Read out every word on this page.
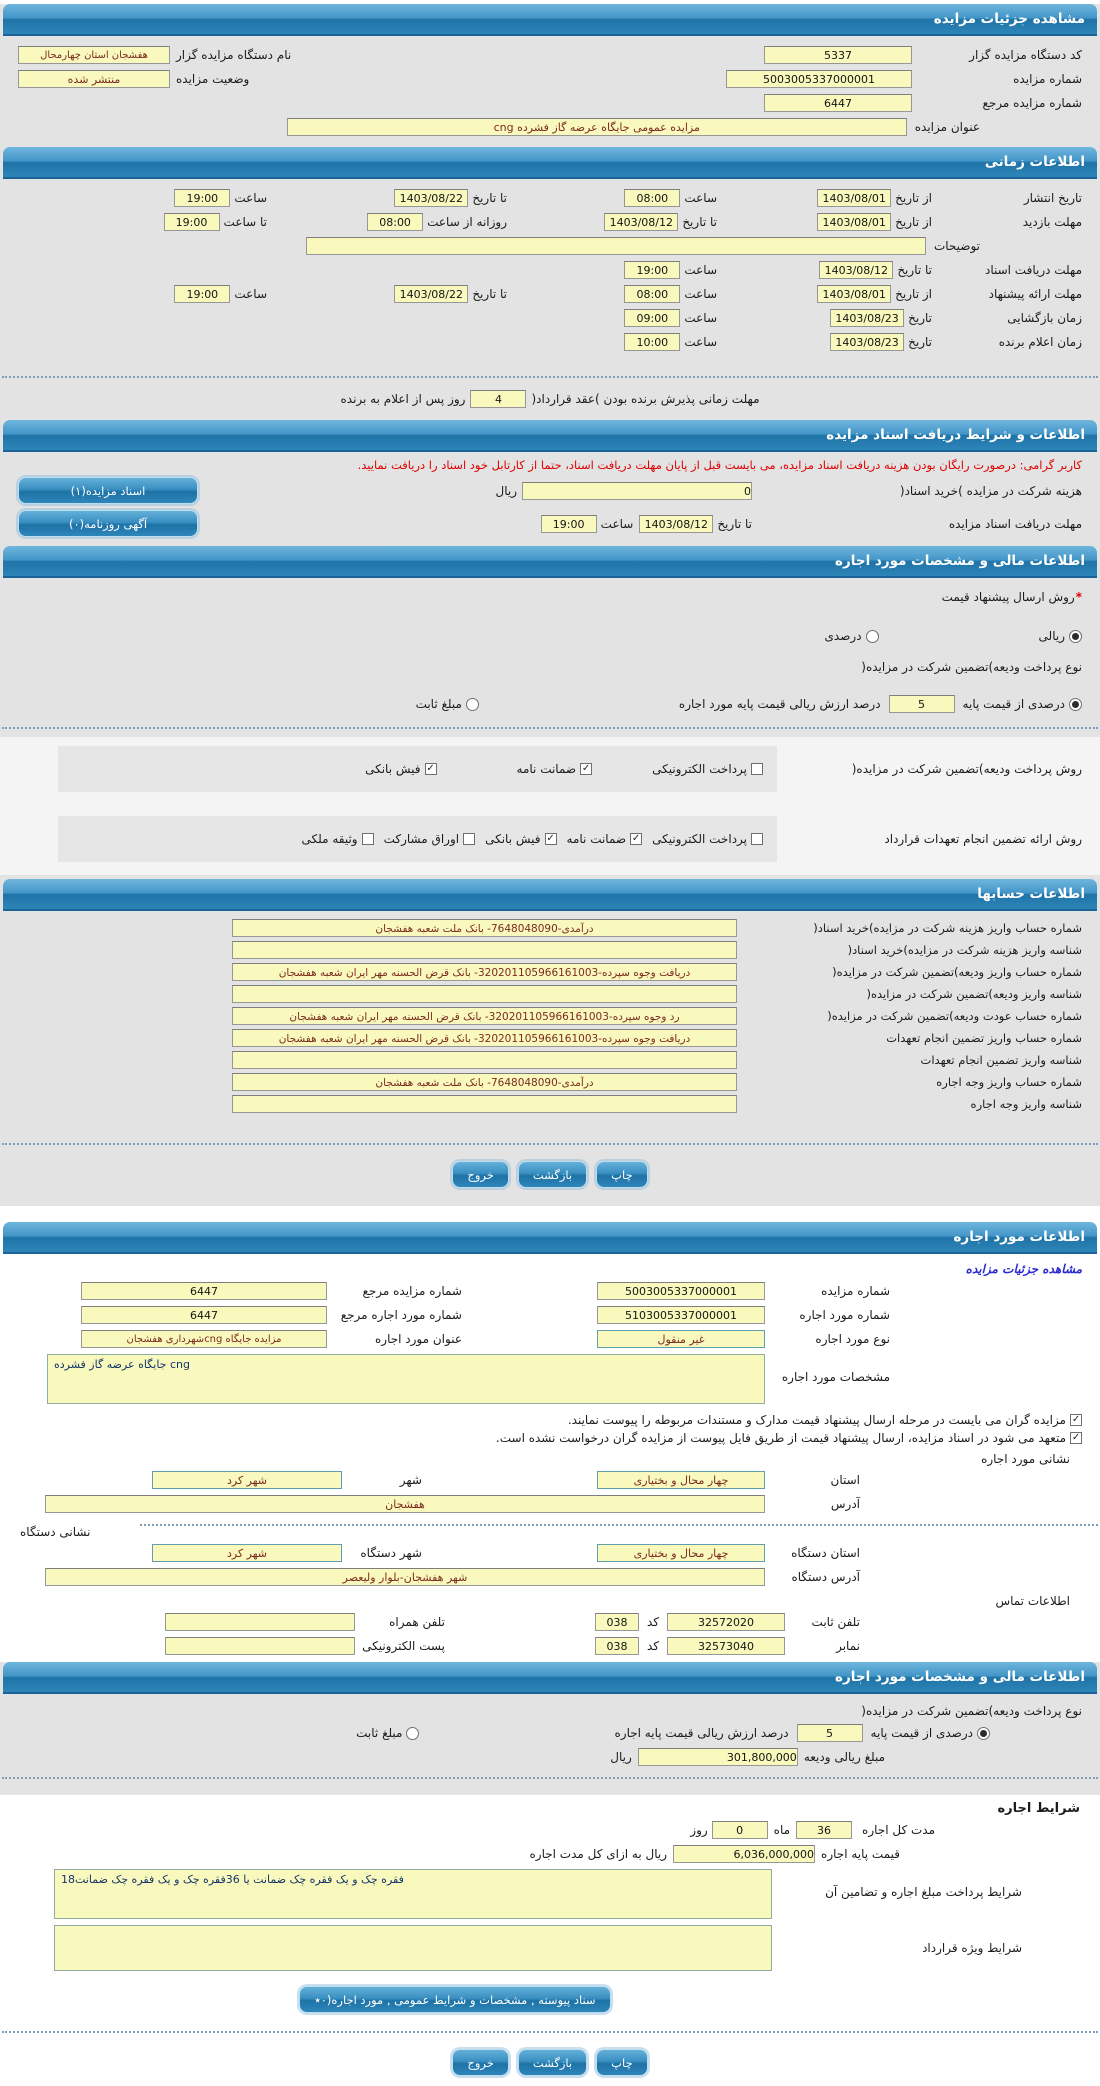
مشاهده جزئیات مزایده
کد دستگاه مزایده گزار
5337
نام دستگاه مزایده گزار
هفشجان استان چهارمحال
شماره مزایده
5003005337000001
وضعیت مزایده
منتشر شده
شماره مزایده مرجع
6447
عنوان مزایده
مزایده عمومی جایگاه عرضه گاز فشرده cng
اطلاعات زمانی
تاریخ انتشار
از تاریخ
1403/08/01
ساعت
08:00
تا تاریخ
1403/08/22
ساعت
19:00
مهلت بازدید
از تاریخ
1403/08/01
تا تاریخ
1403/08/12
روزانه از ساعت
08:00
تا ساعت
19:00
توضیحات
مهلت دریافت اسناد
تا تاریخ
1403/08/12
ساعت
19:00
مهلت ارائه پیشنهاد
از تاریخ
1403/08/01
ساعت
08:00
تا تاریخ
1403/08/22
ساعت
19:00
زمان بازگشایی
تاریخ
1403/08/23
ساعت
09:00
زمان اعلام برنده
تاریخ
1403/08/23
ساعت
10:00
مهلت زمانی پذیرش برنده بودن )عقد قرارداد(
4
روز پس از اعلام به برنده
اطلاعات و شرایط دریافت اسناد مزایده
کاربر گرامی: درصورت رایگان بودن هزینه دریافت اسناد مزایده، می بایست قبل از پایان مهلت دریافت اسناد، حتما از کارتابل خود اسناد را دریافت نمایید.
هزینه شرکت در مزایده )خرید اسناد(
0
ریال
اسناد مزایده(۱)
مهلت دریافت اسناد مزایده
تا تاریخ
1403/08/12
ساعت
19:00
آگهی روزنامه(۰)
اطلاعات مالی و مشخصات مورد اجاره
*
روش ارسال پیشنهاد قیمت
ریالی
درصدی
نوع پرداخت ودیعه)تضمین شرکت در مزایده(
درصدی از قیمت پایه
5
درصد ارزش ریالی قیمت پایه مورد اجاره
مبلغ ثابت
روش پرداخت ودیعه)تضمین شرکت در مزایده(
پرداخت الکترونیکی
✓
ضمانت نامه
✓
فیش بانکی
روش ارائه تضمین انجام تعهدات قرارداد
پرداخت الکترونیکی
✓
ضمانت نامه
✓
فیش بانکی
اوراق مشارکت
وثیقه ملکی
اطلاعات حسابها
شماره حساب واریز هزینه شرکت در مزایده)خرید اسناد(
درآمدی-7648048090- بانک ملت شعبه هفشجان
شناسه واریز هزینه شرکت در مزایده)خرید اسناد(
شماره حساب واریز ودیعه)تضمین شرکت در مزایده(
دریافت وجوه سپرده-320201105966161003- بانک قرض الحسنه مهر ایران شعبه هفشجان
شناسه واریز ودیعه)تضمین شرکت در مزایده(
شماره حساب عودت ودیعه)تضمین شرکت در مزایده(
رد وجوه سپرده-320201105966161003- بانک قرض الحسنه مهر ایران شعبه هفشجان
شماره حساب واریز تضمین انجام تعهدات
دریافت وجوه سپرده-320201105966161003- بانک قرض الحسنه مهر ایران شعبه هفشجان
شناسه واریز تضمین انجام تعهدات
شماره حساب واریز وجه اجاره
درآمدی-7648048090- بانک ملت شعبه هفشجان
شناسه واریز وجه اجاره
چاپ
بازگشت
خروج
اطلاعات مورد اجاره
مشاهده جزئیات مزایده
شماره مزایده
5003005337000001
شماره مزایده مرجع
6447
شماره مورد اجاره
5103005337000001
شماره مورد اجاره مرجع
6447
نوع مورد اجاره
غیر منقول
عنوان مورد اجاره
مزایده جایگاه cngشهرداری هفشجان
مشخصات مورد اجاره
جایگاه عرضه گاز فشرده cng
✓
مزایده گران می بایست در مرحله ارسال پیشنهاد قیمت مدارک و مستندات مربوطه را پیوست نمایند.
✓
متعهد می شود در اسناد مزایده، ارسال پیشنهاد قیمت از طریق فایل پیوست از مزایده گران درخواست نشده است.
نشانی مورد اجاره
استان
چهار محال و بختیاری
شهر
شهر کرد
آدرس
هفشجان
نشانی دستگاه
استان دستگاه
چهار محال و بختیاری
شهر دستگاه
شهر کرد
آدرس دستگاه
شهر هفشجان-بلوار ولیعصر
اطلاعات تماس
تلفن ثابت
32572020
کد
038
تلفن همراه
نمابر
32573040
کد
038
پست الکترونیکی
اطلاعات مالی و مشخصات مورد اجاره
نوع پرداخت ودیعه)تضمین شرکت در مزایده(
درصدی از قیمت پایه
5
درصد ارزش ریالی قیمت پایه اجاره
مبلغ ثابت
مبلغ ریالی ودیعه
301,800,000
ریال
شرایط اجاره
مدت کل اجاره
36
ماه
0
روز
قیمت پایه اجاره
6,036,000,000
ریال به ازای کل مدت اجاره
شرایط پرداخت مبلغ اجاره و تضامین آن
18فقره چک و یک فقره چک ضمانت یا 36فقره چک و یک فقره چک ضمانت
شرایط ویژه قرارداد
سناد پیوسته , مشخصات و شرایط عمومی , مورد اجاره(۰٭
چاپ
بازگشت
خروج
